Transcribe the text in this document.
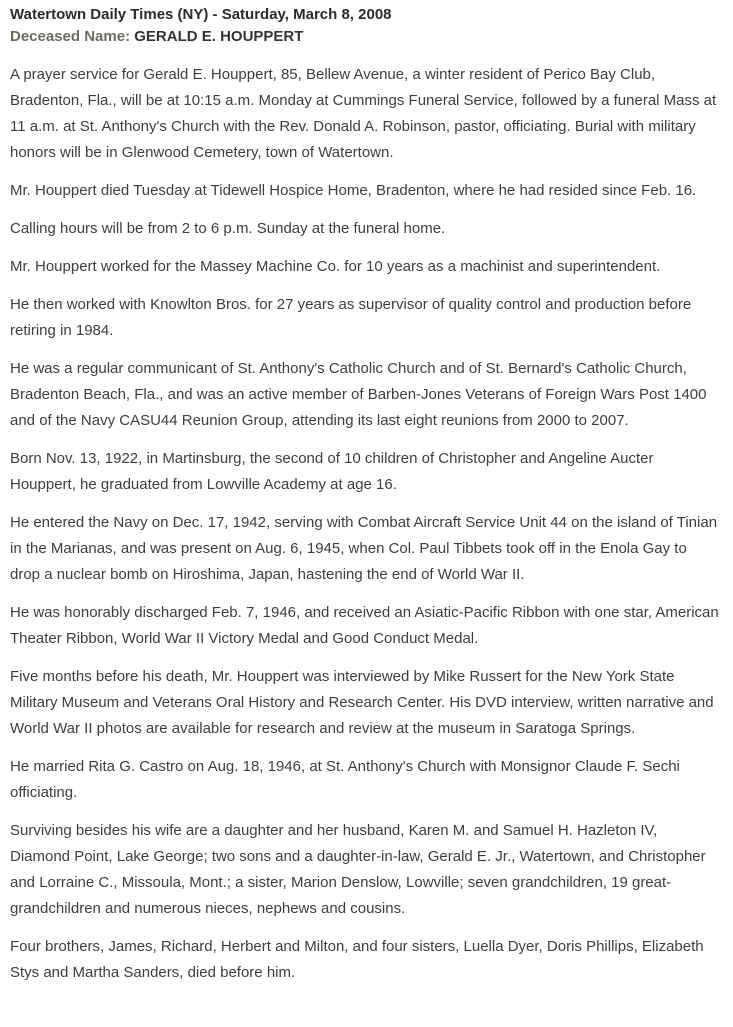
Watertown Daily Times (NY) - Saturday, March 8, 2008
Deceased Name: GERALD E. HOUPPERT

A prayer service for Gerald E. Houppert, 85, Bellew Avenue, a winter resident of Perico Bay Club, Bradenton, Fla., will be at 10:15 a.m. Monday at Cummings Funeral Service, followed by a funeral Mass at 11 a.m. at St. Anthony's Church with the Rev. Donald A. Robinson, pastor, officiating. Burial with military honors will be in Glenwood Cemetery, town of Watertown.

Mr. Houppert died Tuesday at Tidewell Hospice Home, Bradenton, where he had resided since Feb. 16.

Calling hours will be from 2 to 6 p.m. Sunday at the funeral home.

Mr. Houppert worked for the Massey Machine Co. for 10 years as a machinist and superintendent.

He then worked with Knowlton Bros. for 27 years as supervisor of quality control and production before retiring in 1984.

He was a regular communicant of St. Anthony's Catholic Church and of St. Bernard's Catholic Church, Bradenton Beach, Fla., and was an active member of Barben-Jones Veterans of Foreign Wars Post 1400 and of the Navy CASU44 Reunion Group, attending its last eight reunions from 2000 to 2007.

Born Nov. 13, 1922, in Martinsburg, the second of 10 children of Christopher and Angeline Aucter Houppert, he graduated from Lowville Academy at age 16.

He entered the Navy on Dec. 17, 1942, serving with Combat Aircraft Service Unit 44 on the island of Tinian in the Marianas, and was present on Aug. 6, 1945, when Col. Paul Tibbets took off in the Enola Gay to drop a nuclear bomb on Hiroshima, Japan, hastening the end of World War II.

He was honorably discharged Feb. 7, 1946, and received an Asiatic-Pacific Ribbon with one star, American Theater Ribbon, World War II Victory Medal and Good Conduct Medal.

Five months before his death, Mr. Houppert was interviewed by Mike Russert for the New York State Military Museum and Veterans Oral History and Research Center. His DVD interview, written narrative and World War II photos are available for research and review at the museum in Saratoga Springs.

He married Rita G. Castro on Aug. 18, 1946, at St. Anthony's Church with Monsignor Claude F. Sechi officiating.

Surviving besides his wife are a daughter and her husband, Karen M. and Samuel H. Hazleton IV, Diamond Point, Lake George; two sons and a daughter-in-law, Gerald E. Jr., Watertown, and Christopher and Lorraine C., Missoula, Mont.; a sister, Marion Denslow, Lowville; seven grandchildren, 19 great-grandchildren and numerous nieces, nephews and cousins.

Four brothers, James, Richard, Herbert and Milton, and four sisters, Luella Dyer, Doris Phillips, Elizabeth Stys and Martha Sanders, died before him.
